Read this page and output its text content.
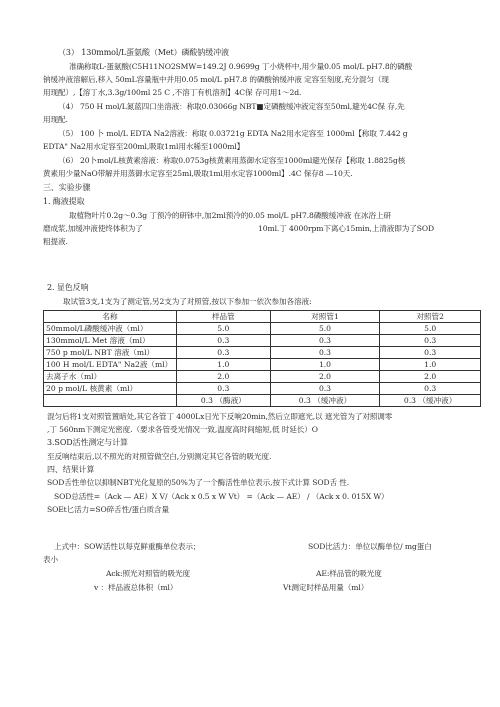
（3） 130mmol/L蛋氨酸（Met）磷酸钠缓冲液
准确称取L-蛋氨酸(C5H11NO2SMW=149.2J 0.9699g 丁小烧杯中,用少量0.05 mol/L pH7.8的磷酸
钠缓冲液溶解后,移入 50mL容量瓶中并用0.05 mol/L pH7.8 的磷酸钠缓冲液 定容至刻度,充分混匀（现
用现配）,【溶丁水,3.3g/100ml 25 C ,不溶丁有机溶剂】4C保 存可用1〜2d.
（4） 750 H mol/L氮蓝四口坐溶液：称取0.03066g NBT■定磷酸缓冲液定容至50ml,避光4C保 存,先
用现配.
（5） 100 卜 mol/L EDTA Na2溶液：称取 0.03721g EDTA Na2用水定容至 1000ml【称取 7.442 g
EDTA" Na2用水定容至200ml,吸取1ml用水稀至1000ml】
（6） 20卜mol/L核黄素溶液：称取0.0753g核黄素用蒸御水定容至1000ml避光保存【称取 1.8825g核
黄素用少量NaO带解并用蒸御水定容至25ml,吸取1ml用水定容1000ml】.4C 保存8 —10天.
三、实验步骤
1. 酶液提取
取植物叶片0.2g〜0.3g 丁预冷的研钵中,加2ml预冷的0.05 mol/L pH7.8磷酸缓冲液 在冰浴上研
磨成浆,加缓冲液使终体积为了	10ml.丁 4000rpm下离心15min,上清液即为了SOD
粗提液.
2. 显色反响
取试管3支,1支为了测定管,另2支为了对照管,按以下参加一依次参加各溶液:
名称	样品管	对照管1	对照管2
50mmol/L磷酸缓冲液（ml）	5.0	5.0	5.0
130mmol/L Met 溶液（ml）	0.3	0.3	0.3
750 p mol/L NBT 溶液（ml）	0.3	0.3	0.3
100 H mol/L EDTA" Na2液（ml）	1.0	1.0	1.0
去离子水（ml）	2.0	2.0	2.0
20 p mol/L 核黄素（ml）	0.3	0.3	0.3
	0.3 （酶液）	0.3 （缓冲液）	0.3 （缓冲液）
混匀后将1支对照管置暗处,其它各管丁 4000Lx日光下反响20min,然后立即遮光,以 遮光管为了对照调零
,丁 560nm下测定光密度.（要求各管受光情况一致,温度高时间缩短,低 时延长）O
3.SOD活性测定与计算
至反响结束后,以不照光的对照管做空白,分别测定其它各管的吸光度.
四、结果计算
SOD舌性单位以抑制NBT光化复原的50%为了一个酶活性单位表示,按下式计算 SOD舌 性.
SOD总活性=（Ack — AE）X V/（Ack x 0.5 x W Vt） =（Ack — AE） / （Ack x 0. 015X W）
SOEt匕活力=SO碎舌性/蛋白质含量
上式中：SOW活性以每克鲜重酶单位表示；	SOD比活力：单位以酶单位/ mg蛋白
表小
Ack:照光对照管的吸光度	AE:样品管的吸光度
v ：样品液总体积（ml）	Vt测定时样品用量（ml）
